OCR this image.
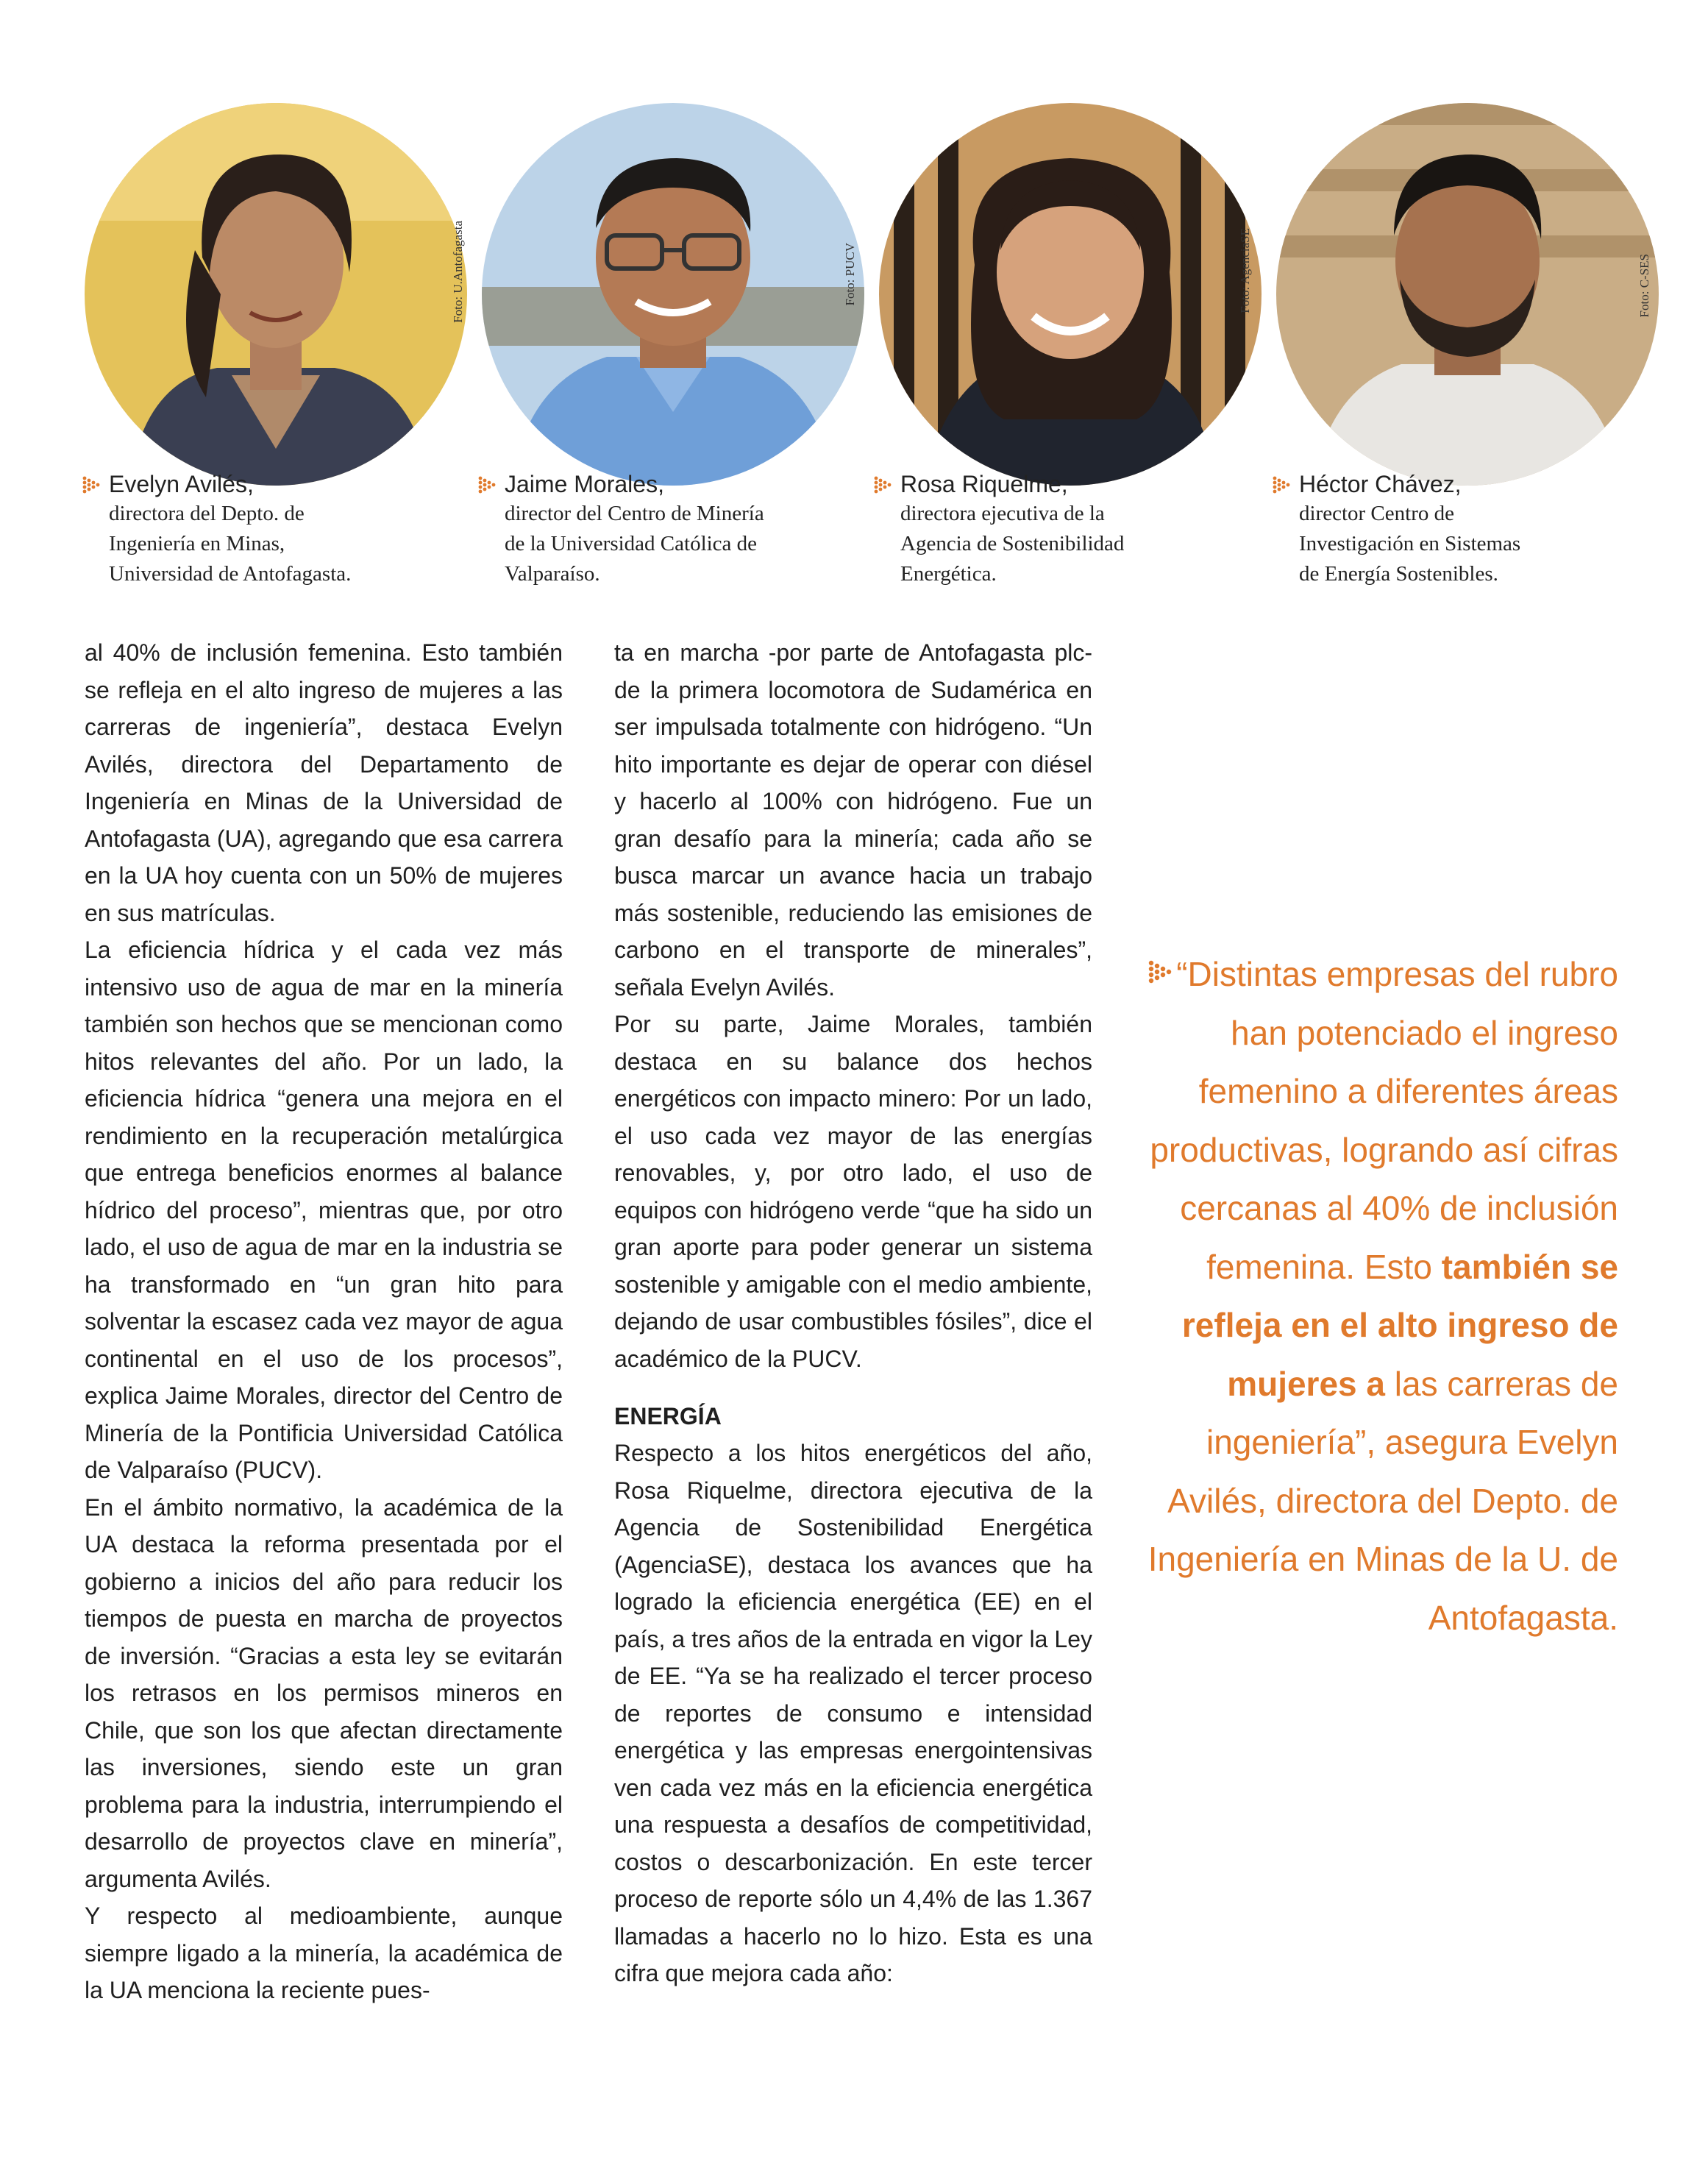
Foto: U.Antofagasta	Foto: PUCV	Foto: AgenciaSE	Foto: C-SES
Evelyn Avilés,
directora del Depto. de
Ingeniería en Minas,
Universidad de Antofagasta.
Jaime Morales,
director del Centro de Minería
de la Universidad Católica de
Valparaíso.
Rosa Riquelme,
directora ejecutiva de la
Agencia de Sostenibilidad
Energética.
Héctor Chávez,
director Centro de
Investigación en Sistemas
de Energía Sostenibles.

al 40% de inclusión femenina. Esto también se refleja en el alto ingreso de mujeres a las carreras de ingeniería”, destaca Evelyn Avilés, directora del Departamento de Ingeniería en Minas de la Universidad de Antofagasta (UA), agregando que esa carrera en la UA hoy cuenta con un 50% de mujeres en sus matrículas.

La eficiencia hídrica y el cada vez más intensivo uso de agua de mar en la minería también son hechos que se mencionan como hitos relevantes del año. Por un lado, la eficiencia hídrica “genera una mejora en el rendimiento en la recuperación metalúrgica que entrega beneficios enormes al balance hídrico del proceso”, mientras que, por otro lado, el uso de agua de mar en la industria se ha transformado en “un gran hito para solventar la escasez cada vez mayor de agua continental en el uso de los procesos”, explica Jaime Morales, director del Centro de Minería de la Pontificia Universidad Católica de Valparaíso (PUCV).

En el ámbito normativo, la académica de la UA destaca la reforma presentada por el gobierno a inicios del año para reducir los tiempos de puesta en marcha de proyectos de inversión. “Gracias a esta ley se evitarán los retrasos en los permisos mineros en Chile, que son los que afectan directamente las inversiones, siendo este un gran problema para la industria, interrumpiendo el desarrollo de proyectos clave en minería”, argumenta Avilés.

Y respecto al medioambiente, aunque siempre ligado a la minería, la académica de la UA menciona la reciente pues-

ta en marcha -por parte de Antofagasta plc- de la primera locomotora de Sudamérica en ser impulsada totalmente con hidrógeno. “Un hito importante es dejar de operar con diésel y hacerlo al 100% con hidrógeno. Fue un gran desafío para la minería; cada año se busca marcar un avance hacia un trabajo más sostenible, reduciendo las emisiones de carbono en el transporte de minerales”, señala Evelyn Avilés.

Por su parte, Jaime Morales, también destaca en su balance dos hechos energéticos con impacto minero: Por un lado, el uso cada vez mayor de las energías renovables, y, por otro lado, el uso de equipos con hidrógeno verde “que ha sido un gran aporte para poder generar un sistema sostenible y amigable con el medio ambiente, dejando de usar combustibles fósiles”, dice el académico de la PUCV.

ENERGÍA

Respecto a los hitos energéticos del año, Rosa Riquelme, directora ejecutiva de la Agencia de Sostenibilidad Energética (AgenciaSE), destaca los avances que ha logrado la eficiencia energética (EE) en el país, a tres años de la entrada en vigor la Ley de EE. “Ya se ha realizado el tercer proceso de reportes de consumo e intensidad energética y las empresas energointensivas ven cada vez más en la eficiencia energética una respuesta a desafíos de competitividad, costos o descarbonización. En este tercer proceso de reporte sólo un 4,4% de las 1.367 llamadas a hacerlo no lo hizo. Esta es una cifra que mejora cada año:

“Distintas empresas del rubro han potenciado el ingreso femenino a diferentes áreas productivas, logrando así cifras cercanas al 40% de inclusión femenina. Esto también se refleja en el alto ingreso de mujeres a las carreras de ingeniería”, asegura Evelyn Avilés, directora del Depto. de Ingeniería en Minas de la U. de Antofagasta.
